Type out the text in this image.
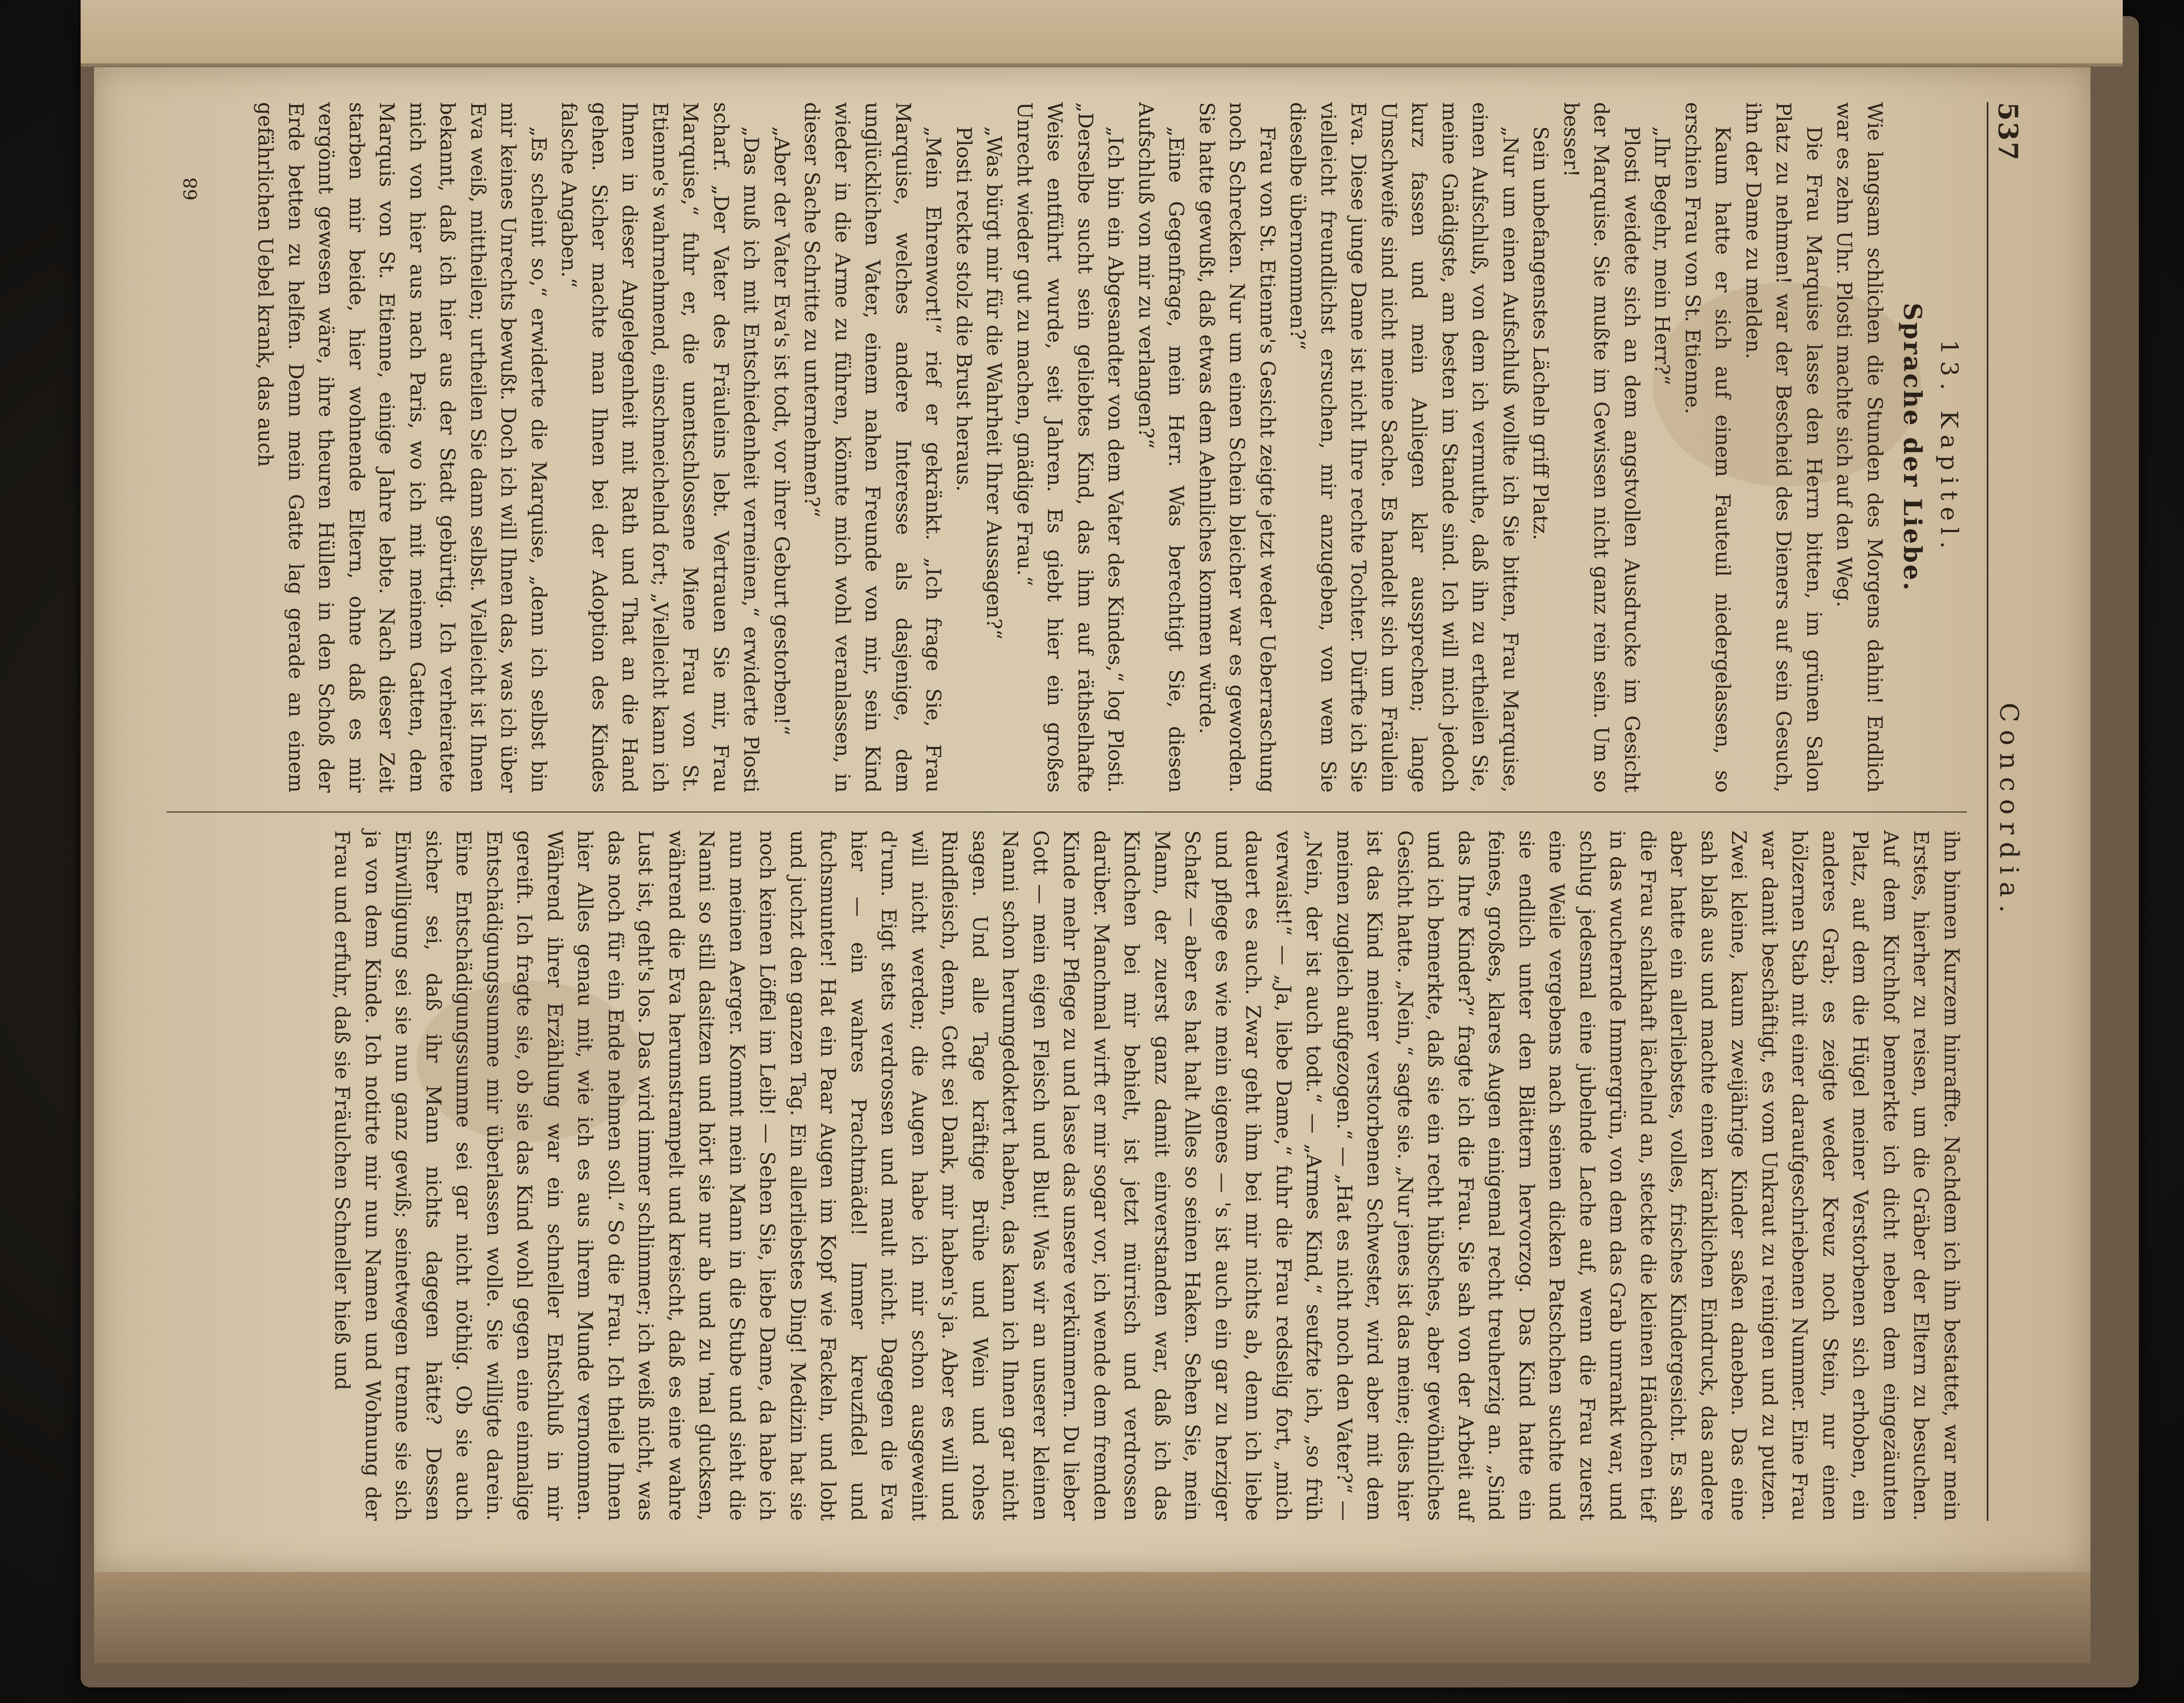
537
Concordia.
13. Kapitel.
Sprache der Liebe.

Wie langsam schlichen die Stunden des Morgens dahin! Endlich war es zehn Uhr. Plosti machte sich auf den Weg.

Die Frau Marquise lasse den Herrn bitten, im grünen Salon Platz zu nehmen! war der Bescheid des Dieners auf sein Gesuch, ihn der Dame zu melden.

Kaum hatte er sich auf einem Fauteuil niedergelassen, so erschien Frau von St. Etienne.

„Ihr Begehr, mein Herr?“

Plosti weidete sich an dem angstvollen Ausdrucke im Gesicht der Marquise. Sie mußte im Gewissen nicht ganz rein sein. Um so besser!

Sein unbefangenstes Lächeln griff Platz.

„Nur um einen Aufschluß wollte ich Sie bitten, Frau Marquise, einen Aufschluß, von dem ich vermuthe, daß ihn zu ertheilen Sie, meine Gnädigste, am besten im Stande sind. Ich will mich jedoch kurz fassen und mein Anliegen klar aussprechen; lange Umschweife sind nicht meine Sache. Es handelt sich um Fräulein Eva. Diese junge Dame ist nicht Ihre rechte Tochter. Dürfte ich Sie vielleicht freundlichst ersuchen, mir anzugeben, von wem Sie dieselbe übernommen?“

Frau von St. Etienne's Gesicht zeigte jetzt weder Ueberraschung noch Schrecken. Nur um einen Schein bleicher war es geworden. Sie hatte gewußt, daß etwas dem Aehnliches kommen würde.

„Eine Gegenfrage, mein Herr. Was berechtigt Sie, diesen Aufschluß von mir zu verlangen?“

„Ich bin ein Abgesandter von dem Vater des Kindes,“ log Plosti. „Derselbe sucht sein geliebtes Kind, das ihm auf räthselhafte Weise entführt wurde, seit Jahren. Es giebt hier ein großes Unrecht wieder gut zu machen, gnädige Frau.“

„Was bürgt mir für die Wahrheit Ihrer Aussagen?“

Plosti reckte stolz die Brust heraus.

„Mein Ehrenwort!“ rief er gekränkt. „Ich frage Sie, Frau Marquise, welches andere Interesse als dasjenige, dem unglücklichen Vater, einem nahen Freunde von mir, sein Kind wieder in die Arme zu führen, könnte mich wohl veranlassen, in dieser Sache Schritte zu unternehmen?“

„Aber der Vater Eva's ist todt, vor ihrer Geburt gestorben!“

„Das muß ich mit Entschiedenheit verneinen,“ erwiderte Plosti scharf. „Der Vater des Fräuleins lebt. Vertrauen Sie mir, Frau Marquise,“ fuhr er, die unentschlossene Miene Frau von St. Etienne's wahrnehmend, einschmeichelnd fort; „Vielleicht kann ich Ihnen in dieser Angelegenheit mit Rath und That an die Hand gehen. Sicher machte man Ihnen bei der Adoption des Kindes falsche Angaben.“

„Es scheint so,“ erwiderte die Marquise, „denn ich selbst bin mir keines Unrechts bewußt. Doch ich will Ihnen das, was ich über Eva weiß, mittheilen; urtheilen Sie dann selbst. Vielleicht ist Ihnen bekannt, daß ich hier aus der Stadt gebürtig. Ich verheiratete mich von hier aus nach Paris, wo ich mit meinem Gatten, dem Marquis von St. Etienne, einige Jahre lebte. Nach dieser Zeit starben mir beide, hier wohnende Eltern, ohne daß es mir vergönnt gewesen wäre, ihre theuren Hüllen in den Schoß der Erde betten zu helfen. Denn mein Gatte lag gerade an einem gefährlichen Uebel krank, das auch

ihn binnen Kurzem hinraffte. Nachdem ich ihn bestattet, war mein Erstes, hierher zu reisen, um die Gräber der Eltern zu besuchen. Auf dem Kirchhof bemerkte ich dicht neben dem eingezäunten Platz, auf dem die Hügel meiner Verstorbenen sich erhoben, ein anderes Grab; es zeigte weder Kreuz noch Stein, nur einen hölzernen Stab mit einer daraufgeschriebenen Nummer. Eine Frau war damit beschäftigt, es vom Unkraut zu reinigen und zu putzen. Zwei kleine, kaum zweijährige Kinder saßen daneben. Das eine sah blaß aus und machte einen kränklichen Eindruck, das andere aber hatte ein allerliebstes, volles, frisches Kindergesicht. Es sah die Frau schalkhaft lächelnd an, steckte die kleinen Händchen tief in das wuchernde Immergrün, von dem das Grab umrankt war, und schlug jedesmal eine jubelnde Lache auf, wenn die Frau zuerst eine Weile vergebens nach seinen dicken Patschchen suchte und sie endlich unter den Blättern hervorzog. Das Kind hatte ein feines, großes, klares Augen einigemal recht treuherzig an. „Sind das Ihre Kinder?“ fragte ich die Frau. Sie sah von der Arbeit auf und ich bemerkte, daß sie ein recht hübsches, aber gewöhnliches Gesicht hatte. „Nein,“ sagte sie. „Nur jenes ist das meine; dies hier ist das Kind meiner verstorbenen Schwester, wird aber mit dem meinen zugleich aufgezogen.“ — „Hat es nicht noch den Vater?“ — „Nein, der ist auch todt.“ — „Armes Kind,“ seufzte ich, „so früh verwaist!“ — „Ja, liebe Dame,“ fuhr die Frau redselig fort, „mich dauert es auch. Zwar geht ihm bei mir nichts ab, denn ich liebe und pflege es wie mein eigenes — 's ist auch ein gar zu herziger Schatz — aber es hat halt Alles so seinen Haken. Sehen Sie, mein Mann, der zuerst ganz damit einverstanden war, daß ich das Kindchen bei mir behielt, ist jetzt mürrisch und verdrossen darüber. Manchmal wirft er mir sogar vor, ich wende dem fremden Kinde mehr Pflege zu und lasse das unsere verkümmern. Du lieber Gott — mein eigen Fleisch und Blut! Was wir an unserer kleinen Nanni schon herumgedoktert haben, das kann ich Ihnen gar nicht sagen. Und alle Tage kräftige Brühe und Wein und rohes Rindfleisch, denn, Gott sei Dank, mir haben's ja. Aber es will und will nicht werden; die Augen habe ich mir schon ausgeweint d'rum. Eigt stets verdrossen und mault nicht. Dagegen die Eva hier — ein wahres Prachtmädel! Immer kreuzfidel und fuchsmunter! Hat ein Paar Augen im Kopf wie Fackeln, und lobt und juchzt den ganzen Tag. Ein allerliebstes Ding! Medizin hat sie noch keinen Löffel im Leib! — Sehen Sie, liebe Dame, da habe ich nun meinen Aerger. Kommt mein Mann in die Stube und sieht die Nanni so still dasitzen und hört sie nur ab und zu 'mal glucksen, während die Eva herumstrampelt und kreischt, daß es eine wahre Lust ist, geht's los. Das wird immer schlimmer; ich weiß nicht, was das noch für ein Ende nehmen soll.“ So die Frau. Ich theile Ihnen hier Alles genau mit, wie ich es aus ihrem Munde vernommen. Während ihrer Erzählung war ein schneller Entschluß in mir gereift. Ich fragte sie, ob sie das Kind wohl gegen eine einmalige Entschädigungssumme mir überlassen wolle. Sie willigte darein. Eine Entschädigungssumme sei gar nicht nöthig. Ob sie auch sicher sei, daß ihr Mann nichts dagegen hätte? Dessen Einwilligung sei sie nun ganz gewiß; seinetwegen trenne sie sich ja von dem Kinde. Ich notirte mir nun Namen und Wohnung der Frau und erfuhr, daß sie Fräulchen Schneller hieß und

68
